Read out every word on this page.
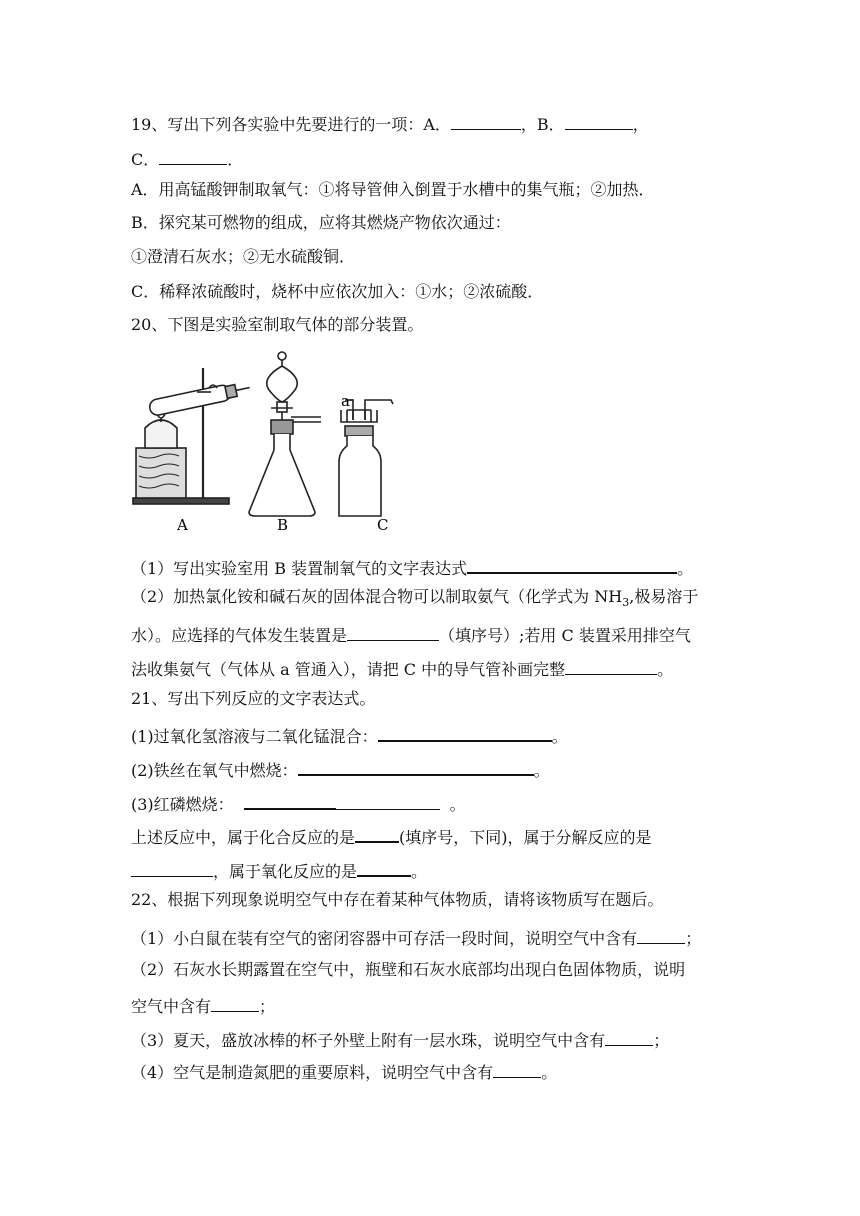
19、写出下列各实验中先要进行的一项：A．	，B．	，
C．	．
A．用高锰酸钾制取氧气：①将导管伸入倒置于水槽中的集气瓶；②加热．
B．探究某可燃物的组成，应将其燃烧产物依次通过：
①澄清石灰水；②无水硫酸铜．
C．稀释浓硫酸时，烧杯中应依次加入：①水；②浓硫酸．
20、下图是实验室制取气体的部分装置。
A	B
a
C
（1）写出实验室用 B 装置制氧气的文字表达式	。
（2）加热氯化铵和碱石灰的固体混合物可以制取氨气（化学式为 $NH_3$,极易溶于
水）。应选择的气体发生装置是	（填序号）;若用 C 装置采用排空气
法收集氨气（气体从 a 管通入），请把 C 中的导气管补画完整	。
21、写出下列反应的文字表达式。
(1)过氧化氢溶液与二氧化锰混合：	。
(2)铁丝在氧气中燃烧：	。
(3)红磷燃烧：	。
上述反应中，属于化合反应的是	(填序号，下同)，属于分解反应的是
，属于氧化反应的是	。
22、根据下列现象说明空气中存在着某种气体物质，请将该物质写在题后。
（1）小白鼠在装有空气的密闭容器中可存活一段时间，说明空气中含有	；
（2）石灰水长期露置在空气中，瓶壁和石灰水底部均出现白色固体物质，说明
空气中含有	；
（3）夏天，盛放冰棒的杯子外壁上附有一层水珠，说明空气中含有	；
（4）空气是制造氮肥的重要原料，说明空气中含有	。
